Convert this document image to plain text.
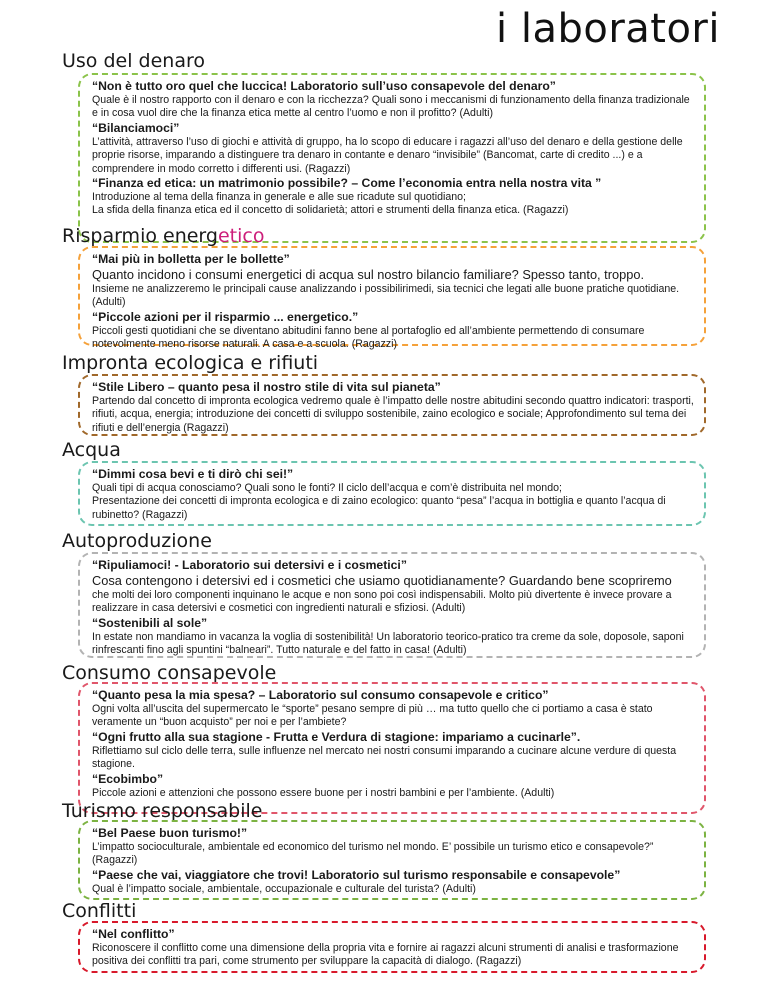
i laboratori
Uso del denaro
“Non è tutto oro quel che luccica! Laboratorio sull’uso consapevole del denaro”
Quale è il nostro rapporto con il denaro e con la ricchezza? Quali sono i meccanismi di funzionamento della finanza tradizionale e in cosa vuol dire che la finanza etica mette al centro l’uomo e non il profitto? (Adulti)
“Bilanciamoci”
L’attività, attraverso l’uso di giochi e attività di gruppo, ha lo scopo di educare i ragazzi all’uso del denaro e della gestione delle proprie risorse, imparando a distinguere tra denaro in contante e denaro “invisibile” (Bancomat, carte di credito ...) e a comprendere in modo corretto i differenti usi. (Ragazzi)
“Finanza ed etica: un matrimonio possibile? – Come l’economia entra nella nostra vita ”
Introduzione al tema della finanza in generale e alle sue ricadute sul quotidiano;
La sfida della finanza etica ed il concetto di solidarietà; attori e strumenti della finanza etica. (Ragazzi)
Risparmio energetico
“Mai più in bolletta per le bollette”
Quanto incidono i consumi energetici di acqua sul nostro bilancio familiare? Spesso tanto, troppo.
Insieme ne analizzeremo le principali cause analizzando i possibilirimedi, sia tecnici che legati alle buone pratiche quotidiane. (Adulti)
“Piccole azioni per il risparmio ... energetico.”
Piccoli gesti quotidiani che se diventano abitudini fanno bene al portafoglio ed all’ambiente permettendo di consumare notevolmente meno risorse naturali. A casa e a scuola. (Ragazzi)
Impronta ecologica e rifiuti
“Stile Libero – quanto pesa il nostro stile di vita sul pianeta”
Partendo dal concetto di impronta ecologica vedremo quale è l’impatto delle nostre abitudini secondo quattro indicatori: trasporti, rifiuti, acqua, energia; introduzione dei concetti di sviluppo sostenibile, zaino ecologico e sociale; Approfondimento sul tema dei rifiuti e dell’energia (Ragazzi)
Acqua
“Dimmi cosa bevi e ti dirò chi sei!”
Quali tipi di acqua conosciamo? Quali sono le fonti? Il ciclo dell’acqua e com’è distribuita nel mondo;
Presentazione dei concetti di impronta ecologica e di zaino ecologico: quanto “pesa” l’acqua in bottiglia e quanto l’acqua di rubinetto? (Ragazzi)
Autoproduzione
“Ripuliamoci! - Laboratorio sui detersivi e i cosmetici”
Cosa contengono i detersivi ed i cosmetici che usiamo quotidianamente? Guardando bene scopriremo
che molti dei loro componenti inquinano le acque e non sono poi così indispensabili. Molto più divertente è invece provare a realizzare in casa detersivi e cosmetici con ingredienti naturali e sfiziosi. (Adulti)
“Sostenibili al sole”
In estate non mandiamo in vacanza la voglia di sostenibilità! Un laboratorio teorico-pratico tra creme da sole, doposole, saponi rinfrescanti fino agli spuntini “balneari”. Tutto naturale e del fatto in casa! (Adulti)
Consumo consapevole
“Quanto pesa la mia spesa? – Laboratorio sul consumo consapevole e critico”
Ogni volta all’uscita del supermercato le “sporte” pesano sempre di più … ma tutto quello che ci portiamo a casa è stato veramente un “buon acquisto” per noi e per l’ambiete?
“Ogni frutto alla sua stagione - Frutta e Verdura di stagione: impariamo a cucinarle”.
Riflettiamo sul ciclo delle terra, sulle influenze nel mercato nei nostri consumi imparando a cucinare alcune verdure di questa stagione.
“Ecobimbo”
Piccole azioni e attenzioni che possono essere buone per i nostri bambini e per l’ambiente. (Adulti)
Turismo responsabile
“Bel Paese buon turismo!”
L’impatto socioculturale, ambientale ed economico del turismo nel mondo. E’ possibile un turismo etico e consapevole?” (Ragazzi)
“Paese che vai, viaggiatore che trovi! Laboratorio sul turismo responsabile e consapevole”
Qual è l’impatto sociale, ambientale, occupazionale e culturale del turista? (Adulti)
Conflitti
“Nel conflitto”
Riconoscere il conflitto come una dimensione della propria vita e fornire ai ragazzi alcuni strumenti di analisi e trasformazione positiva dei conflitti tra pari, come strumento per sviluppare la capacità di dialogo. (Ragazzi)
